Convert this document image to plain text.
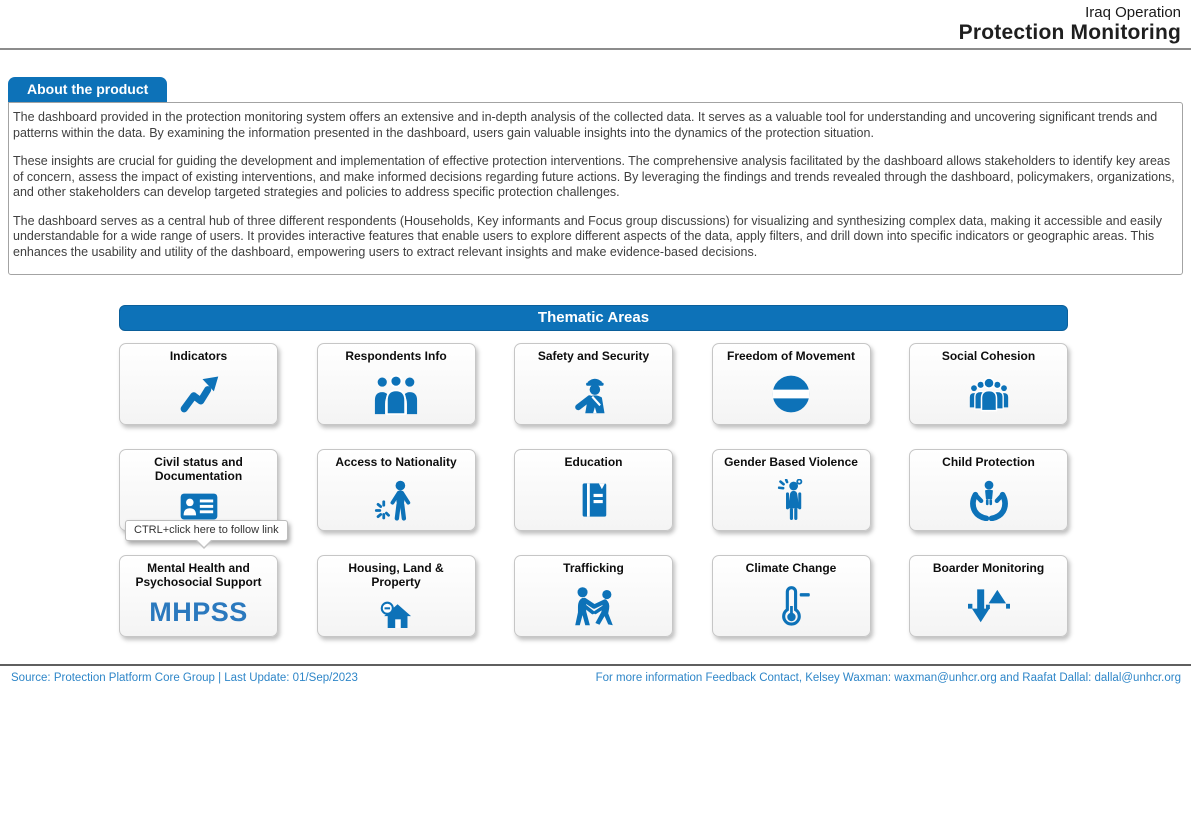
Iraq Operation
Protection Monitoring
About the product

The dashboard provided in the protection monitoring system offers an extensive and in-depth analysis of the collected data. It serves as a valuable tool for understanding and uncovering significant trends and patterns within the data. By examining the information presented in the dashboard, users gain valuable insights into the dynamics of the protection situation.

These insights are crucial for guiding the development and implementation of effective protection interventions. The comprehensive analysis facilitated by the dashboard allows stakeholders to identify key areas of concern, assess the impact of existing interventions, and make informed decisions regarding future actions. By leveraging the findings and trends revealed through the dashboard, policymakers, organizations, and other stakeholders can develop targeted strategies and policies to address specific protection challenges.

The dashboard serves as a central hub of three different respondents (Households, Key informants and Focus group discussions) for visualizing and synthesizing complex data, making it accessible and easily understandable for a wide range of users. It provides interactive features that enable users to explore different aspects of the data, apply filters, and drill down into specific indicators or geographic areas. This enhances the usability and utility of the dashboard, empowering users to extract relevant insights and make evidence-based decisions.

Thematic Areas
Indicators	Respondents Info	Safety and Security	Freedom of Movement	Social Cohesion
Civil status and Documentation
CTRL+click here to follow link
Access to Nationality	Education	Gender Based Violence	Child Protection
Mental Health and Psychosocial Support
MHPSS
Housing, Land & Property
Trafficking	Climate Change	Boarder Monitoring
Source: Protection Platform Core Group | Last Update: 01/Sep/2023	For more information Feedback Contact, Kelsey Waxman: waxman@unhcr.org and Raafat Dallal: dallal@unhcr.org
